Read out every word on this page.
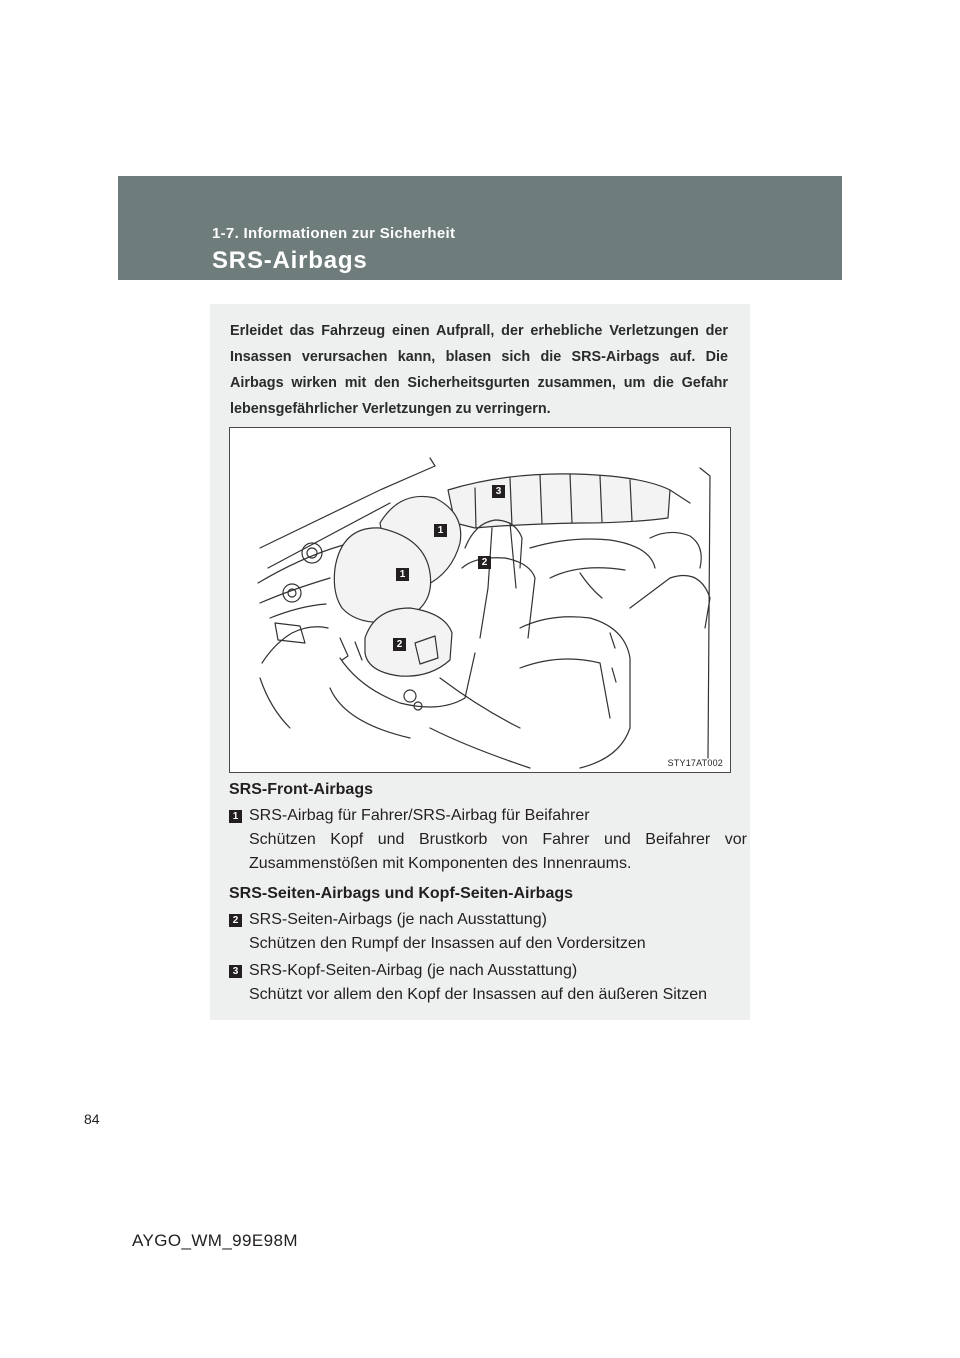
1-7. Informationen zur Sicherheit
SRS-Airbags
Erleidet das Fahrzeug einen Aufprall, der erhebliche Verletzungen der Insassen verursachen kann, blasen sich die SRS-Airbags auf. Die Airbags wirken mit den Sicherheitsgurten zusammen, um die Gefahr lebensgefährlicher Verletzungen zu verringern.
3
1
2
1
2
STY17AT002
SRS-Front-Airbags
1 SRS-Airbag für Fahrer/SRS-Airbag für Beifahrer
Schützen Kopf und Brustkorb von Fahrer und Beifahrer vor Zusammenstößen mit Komponenten des Innenraums.
SRS-Seiten-Airbags und Kopf-Seiten-Airbags
2 SRS-Seiten-Airbags (je nach Ausstattung)
Schützen den Rumpf der Insassen auf den Vordersitzen
3 SRS-Kopf-Seiten-Airbag (je nach Ausstattung)
Schützt vor allem den Kopf der Insassen auf den äußeren Sitzen
84
AYGO_WM_99E98M
